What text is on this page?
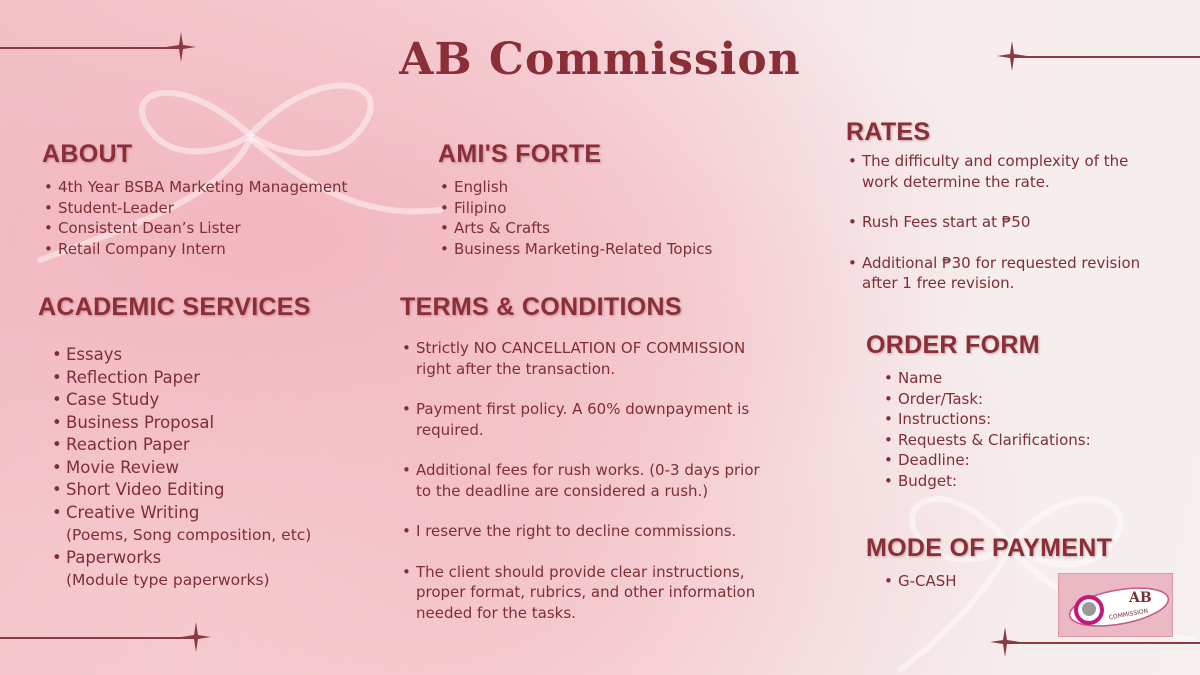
AB Commission
ABOUT
• 4th Year BSBA Marketing Management
• Student-Leader
• Consistent Dean’s Lister
• Retail Company Intern
AMI'S FORTE
• English
• Filipino
• Arts & Crafts
• Business Marketing-Related Topics
RATES
• The difficulty and complexity of the
work determine the rate.
• Rush Fees start at ₱50
• Additional ₱30 for requested revision
after 1 free revision.
ACADEMIC SERVICES
• Essays
• Reflection Paper
• Case Study
• Business Proposal
• Reaction Paper
• Movie Review
• Short Video Editing
• Creative Writing
(Poems, Song composition, etc)
• Paperworks
(Module type paperworks)
TERMS & CONDITIONS
• Strictly NO CANCELLATION OF COMMISSION
right after the transaction.
• Payment first policy. A 60% downpayment is
required.
• Additional fees for rush works. (0-3 days prior
to the deadline are considered a rush.)
• I reserve the right to decline commissions.
• The client should provide clear instructions,
proper format, rubrics, and other information
needed for the tasks.
ORDER FORM
• Name
• Order/Task:
• Instructions:
• Requests & Clarifications:
• Deadline:
• Budget:
MODE OF PAYMENT
• G-CASH
AB
COMMISSION
